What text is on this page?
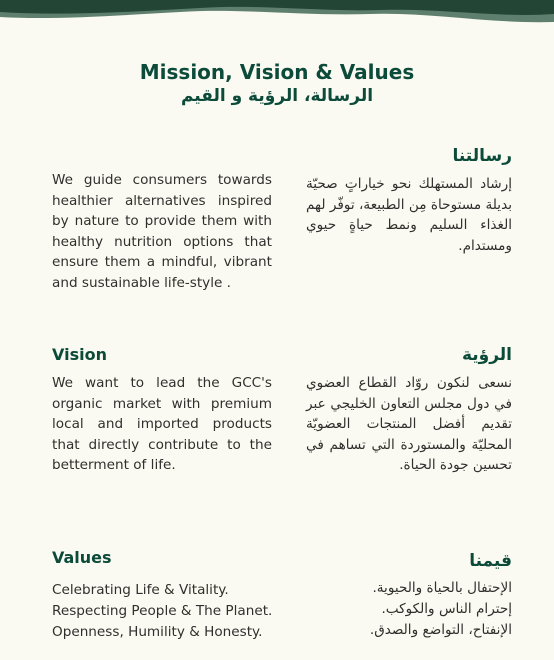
Mission, Vision & Values
الرسالة، الرؤية و القيم
رسالتنا
We guide consumers towards healthier alternatives inspired by nature to provide them with healthy nutrition options that ensure them a mindful, vibrant and sustainable life-style .
إرشاد المستهلك نحو خياراتٍ صحيّة بديلة مستوحاة مِن الطبيعة، توفّر لهم الغذاء السليم ونمط حياةٍ حيوي ومستدام.
Vision	الرؤية
We want to lead the GCC's organic market with premium local and imported products that directly contribute to the betterment of life.
نسعى لنكون روّاد القطاع العضوي في دول مجلس التعاون الخليجي عبر تقديم أفضل المنتجات العضويّة المحليّة والمستوردة التي تساهم في تحسين جودة الحياة.
Values	قيمنا
Celebrating Life & Vitality.
Respecting People & The Planet.
Openness, Humility & Honesty.
الإحتفال بالحياة والحيوية.
إحترام الناس والكوكب.
الإنفتاح، التواضع والصدق.
